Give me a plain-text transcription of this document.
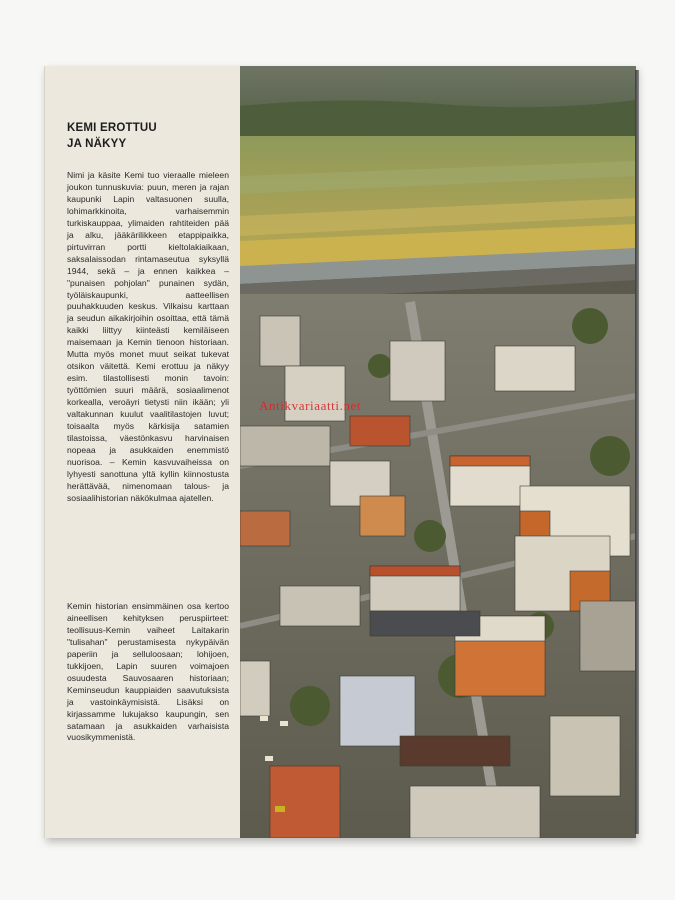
KEMI EROTTUU
JA NÄKYY

Nimi ja käsite Kemi tuo vieraalle mieleen joukon tunnuskuvia: puun, meren ja rajan kaupunki Lapin valtasuonen suulla, lohimarkkinoita, varhaisemmin turkiskauppaa, ylimaiden rahtiteiden pää ja alku, jääkärilikkeen etappipaikka, pirtuvirran portti kieltolakiaikaan, saksalaissodan rintamaseutua syksyllä 1944, sekä – ja ennen kaikkea – "punaisen pohjolan" punainen sydän, työläiskaupunki, aatteellisen puuhakkuuden keskus. Vilkaisu karttaan ja seudun aikakirjoihin osoittaa, että tämä kaikki liittyy kiinteästi kemiläiseen maisemaan ja Kemin tienoon historiaan. Mutta myös monet muut seikat tukevat otsikon väitettä. Kemi erottuu ja näkyy esim. tilastollisesti monin tavoin: työttömien suuri määrä, sosiaalimenot korkealla, veroäyri tietysti niin ikään; yli valtakunnan kuulut vaalitilastojen luvut; toisaalta myös kärkisija satamien tilastoissa, väestönkasvu harvinaisen nopeaa ja asukkaiden enemmistö nuorisoa. – Kemin kasvuvaiheissa on lyhyesti sanottuna yltä kyllin kiinnostusta herättävää, nimenomaan talous- ja sosiaalihistorian näkökulmaa ajatellen.

Kemin historian ensimmäinen osa kertoo aineellisen kehityksen peruspiirteet: teollisuus-Kemin vaiheet Laitakarin "tulisahan" perustamisesta nykypäivän paperiin ja selluloosaan; lohijoen, tukkijoen, Lapin suuren voimajoen osuudesta Sauvosaaren historiaan; Keminseudun kauppiaiden saavutuksista ja vastoinkäymisistä. Lisäksi on kirjassamme lukujakso kaupungin, sen satamaan ja asukkaiden varhaisista vuosikymmenistä.

Antikvariaatti.net
